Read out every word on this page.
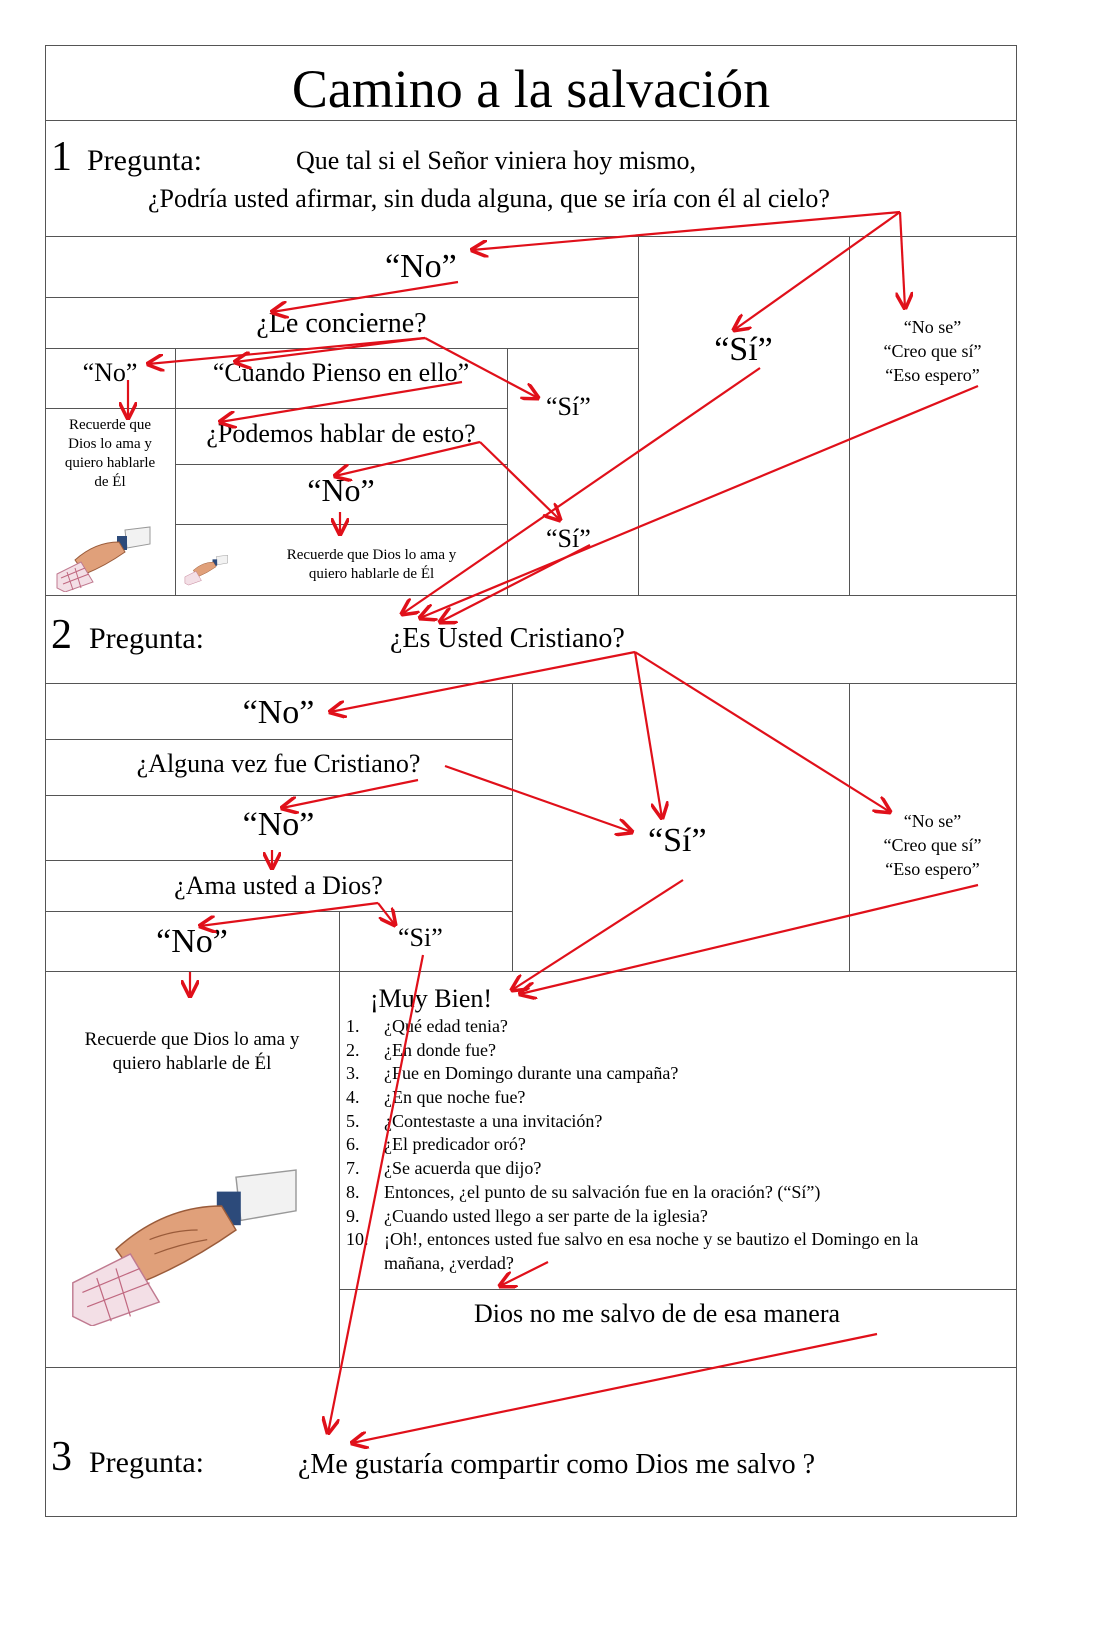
Camino a la salvación
1 Pregunta:	Que tal si el Señor viniera hoy mismo,
¿Podría usted afirmar, sin duda alguna, que se iría con él al cielo?
“No”
“Sí”
“No se”
“Creo que sí”
“Eso espero”
¿Le concierne?
“No”	“Cuando Pienso en ello”
“Sí”
Recuerde que
Dios lo ama y
quiero hablarle
de Él
¿Podemos hablar de esto?
“No”
“Sí”
Recuerde que Dios lo ama y
quiero hablarle de Él
2 Pregunta:	¿Es Usted Cristiano?
“No”
¿Alguna vez fue Cristiano?
“No”	“Sí”
“No se”
“Creo que sí”
“Eso espero”
¿Ama usted a Dios?
“No”	“Si”
Recuerde que Dios lo ama y
quiero hablarle de Él
¡Muy Bien!
1. ¿Qué edad tenia?
2. ¿En donde fue?
3. ¿Fue en Domingo durante una campaña?
4. ¿En que noche fue?
5. ¿Contestaste a una invitación?
6. ¿El predicador oró?
7. ¿Se acuerda que dijo?
8. Entonces, ¿el punto de su salvación fue en la oración? (“Sí”)
9. ¿Cuando usted llego a ser parte de la iglesia?
10. ¡Oh!, entonces usted fue salvo en esa noche y se bautizo el Domingo en la
mañana, ¿verdad?
Dios no me salvo de de esa manera
3 Pregunta:	¿Me gustaría compartir como Dios me salvo ?
